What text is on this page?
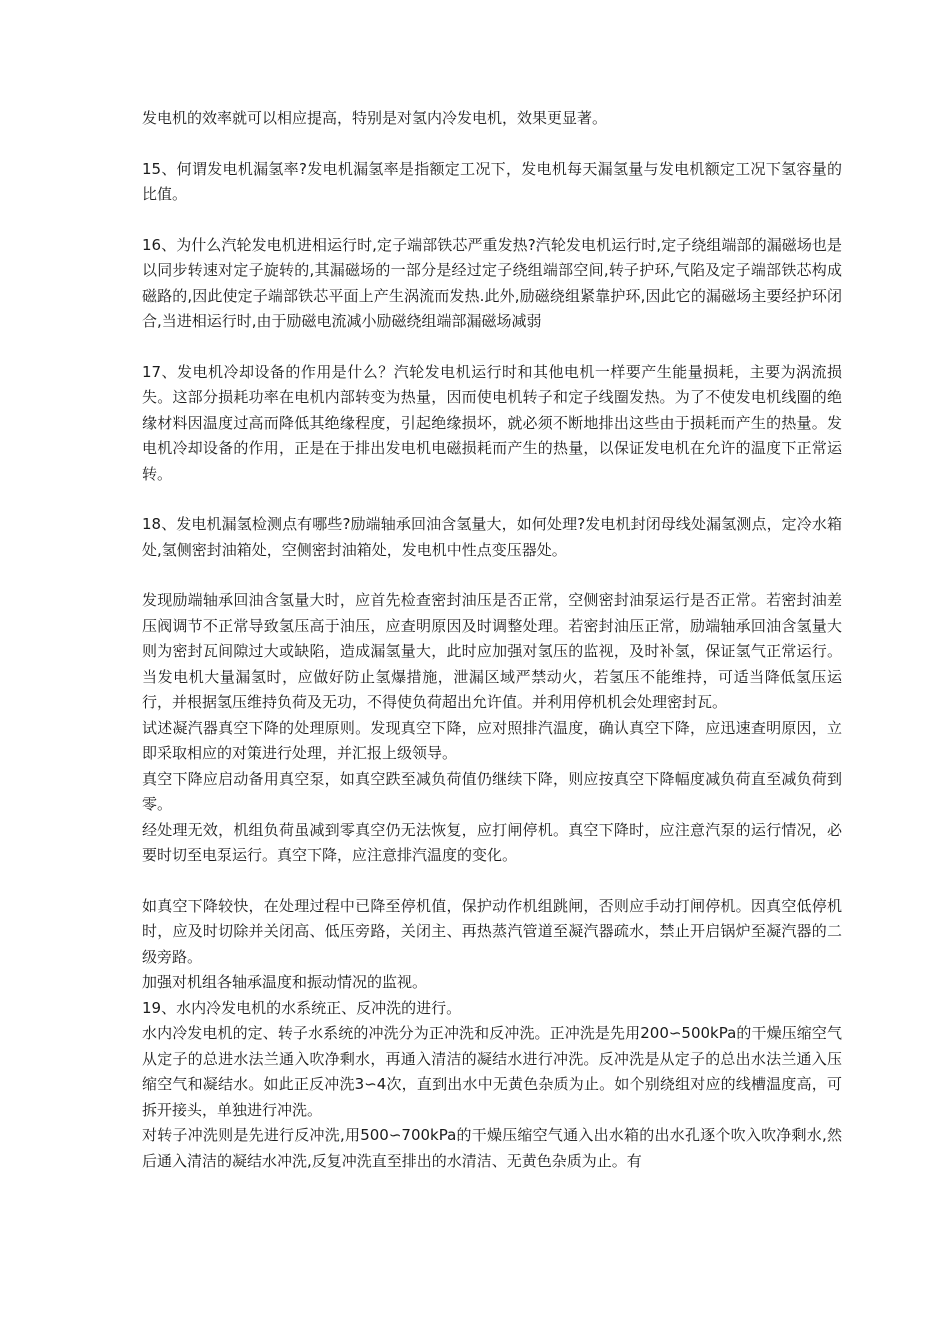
发电机的效率就可以相应提高，特别是对氢内冷发电机，效果更显著。

15、何谓发电机漏氢率?发电机漏氢率是指额定工况下，发电机每天漏氢量与发电机额定工况下氢容量的比值。

16、为什么汽轮发电机进相运行时,定子端部铁芯严重发热?汽轮发电机运行时,定子绕组端部的漏磁场也是以同步转速对定子旋转的,其漏磁场的一部分是经过定子绕组端部空间,转子护环,气陷及定子端部铁芯构成磁路的,因此使定子端部铁芯平面上产生涡流而发热.此外,励磁绕组紧靠护环,因此它的漏磁场主要经护环闭合,当进相运行时,由于励磁电流减小励磁绕组端部漏磁场减弱

17、发电机冷却设备的作用是什么？汽轮发电机运行时和其他电机一样要产生能量损耗，主要为涡流损失。这部分损耗功率在电机内部转变为热量，因而使电机转子和定子线圈发热。为了不使发电机线圈的绝缘材料因温度过高而降低其绝缘程度，引起绝缘损坏，就必须不断地排出这些由于损耗而产生的热量。发电机冷却设备的作用，正是在于排出发电机电磁损耗而产生的热量，以保证发电机在允许的温度下正常运转。

18、发电机漏氢检测点有哪些?励端轴承回油含氢量大，如何处理?发电机封闭母线处漏氢测点，定冷水箱处,氢侧密封油箱处，空侧密封油箱处，发电机中性点变压器处。

发现励端轴承回油含氢量大时，应首先检查密封油压是否正常，空侧密封油泵运行是否正常。若密封油差压阀调节不正常导致氢压高于油压，应查明原因及时调整处理。若密封油压正常，励端轴承回油含氢量大则为密封瓦间隙过大或缺陷，造成漏氢量大，此时应加强对氢压的监视，及时补氢，保证氢气正常运行。当发电机大量漏氢时，应做好防止氢爆措施，泄漏区域严禁动火，若氢压不能维持，可适当降低氢压运行，并根据氢压维持负荷及无功，不得使负荷超出允许值。并利用停机机会处理密封瓦。

试述凝汽器真空下降的处理原则。发现真空下降，应对照排汽温度，确认真空下降，应迅速查明原因，立即采取相应的对策进行处理，并汇报上级领导。

真空下降应启动备用真空泵，如真空跌至减负荷值仍继续下降，则应按真空下降幅度减负荷直至减负荷到零。

经处理无效，机组负荷虽减到零真空仍无法恢复，应打闸停机。真空下降时，应注意汽泵的运行情况，必要时切至电泵运行。真空下降，应注意排汽温度的变化。

如真空下降较快，在处理过程中已降至停机值，保护动作机组跳闸，否则应手动打闸停机。因真空低停机时，应及时切除并关闭高、低压旁路，关闭主、再热蒸汽管道至凝汽器疏水，禁止开启锅炉至凝汽器的二级旁路。

加强对机组各轴承温度和振动情况的监视。

19、水内冷发电机的水系统正、反冲洗的进行。

水内冷发电机的定、转子水系统的冲洗分为正冲洗和反冲洗。正冲洗是先用200∽500kPa的干燥压缩空气从定子的总进水法兰通入吹净剩水，再通入清洁的凝结水进行冲洗。反冲洗是从定子的总出水法兰通入压缩空气和凝结水。如此正反冲洗3∽4次，直到出水中无黄色杂质为止。如个别绕组对应的线槽温度高，可拆开接头，单独进行冲洗。

对转子冲洗则是先进行反冲洗,用500∽700kPa的干燥压缩空气通入出水箱的出水孔逐个吹入吹净剩水,然后通入清洁的凝结水冲洗,反复冲洗直至排出的水清洁、无黄色杂质为止。有
